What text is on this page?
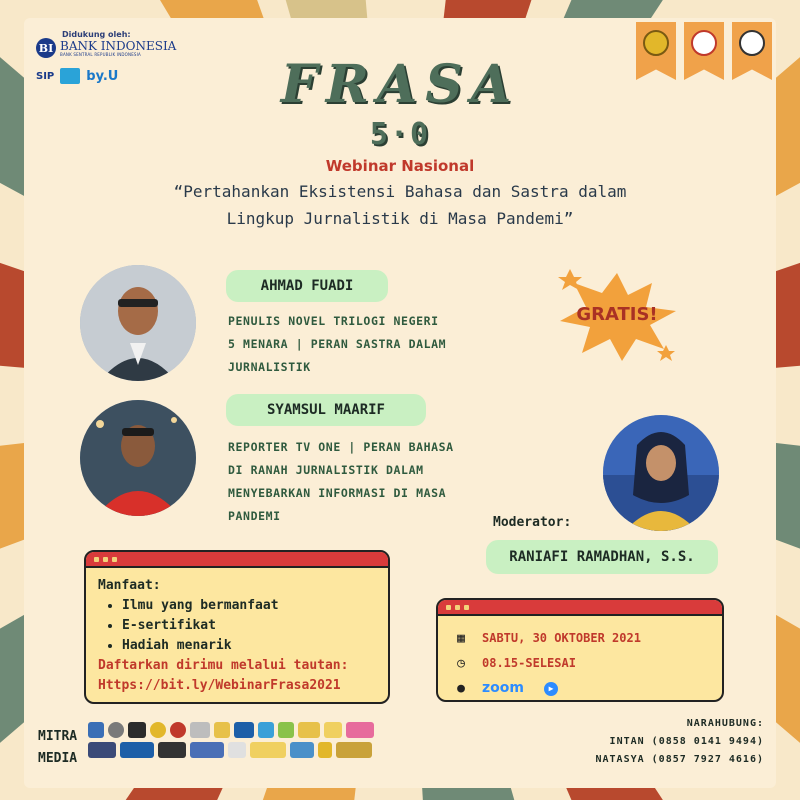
Didukung oleh:
BI BANK INDONESIA
BANK SENTRAL REPUBLIK INDONESIA
SIP by.U	FRASA
5·0
Webinar Nasional
“Pertahankan Eksistensi Bahasa dan Sastra dalam
Lingkup Jurnalistik di Masa Pandemi”
AHMAD FUADI
PENULIS NOVEL TRILOGI NEGERI
5 MENARA | PERAN SASTRA DALAM
JURNALISTIK
GRATIS!
SYAMSUL MAARIF
REPORTER TV ONE | PERAN BAHASA
DI RANAH JURNALISTIK DALAM
MENYEBARKAN INFORMASI DI MASA
PANDEMI	Moderator:
RANIAFI RAMADHAN, S.S.
Manfaat:
• Ilmu yang bermanfaat
• E-sertifikat
• Hadiah menarik
Daftarkan dirimu melalui tautan:
Https://bit.ly/WebinarFrasa2021
▦ SABTU, 30 OKTOBER 2021
◷ 08.15-SELESAI
● zoom	▶
MITRA
MEDIA
NARAHUBUNG:
INTAN (0858 0141 9494)
NATASYA (0857 7927 4616)
